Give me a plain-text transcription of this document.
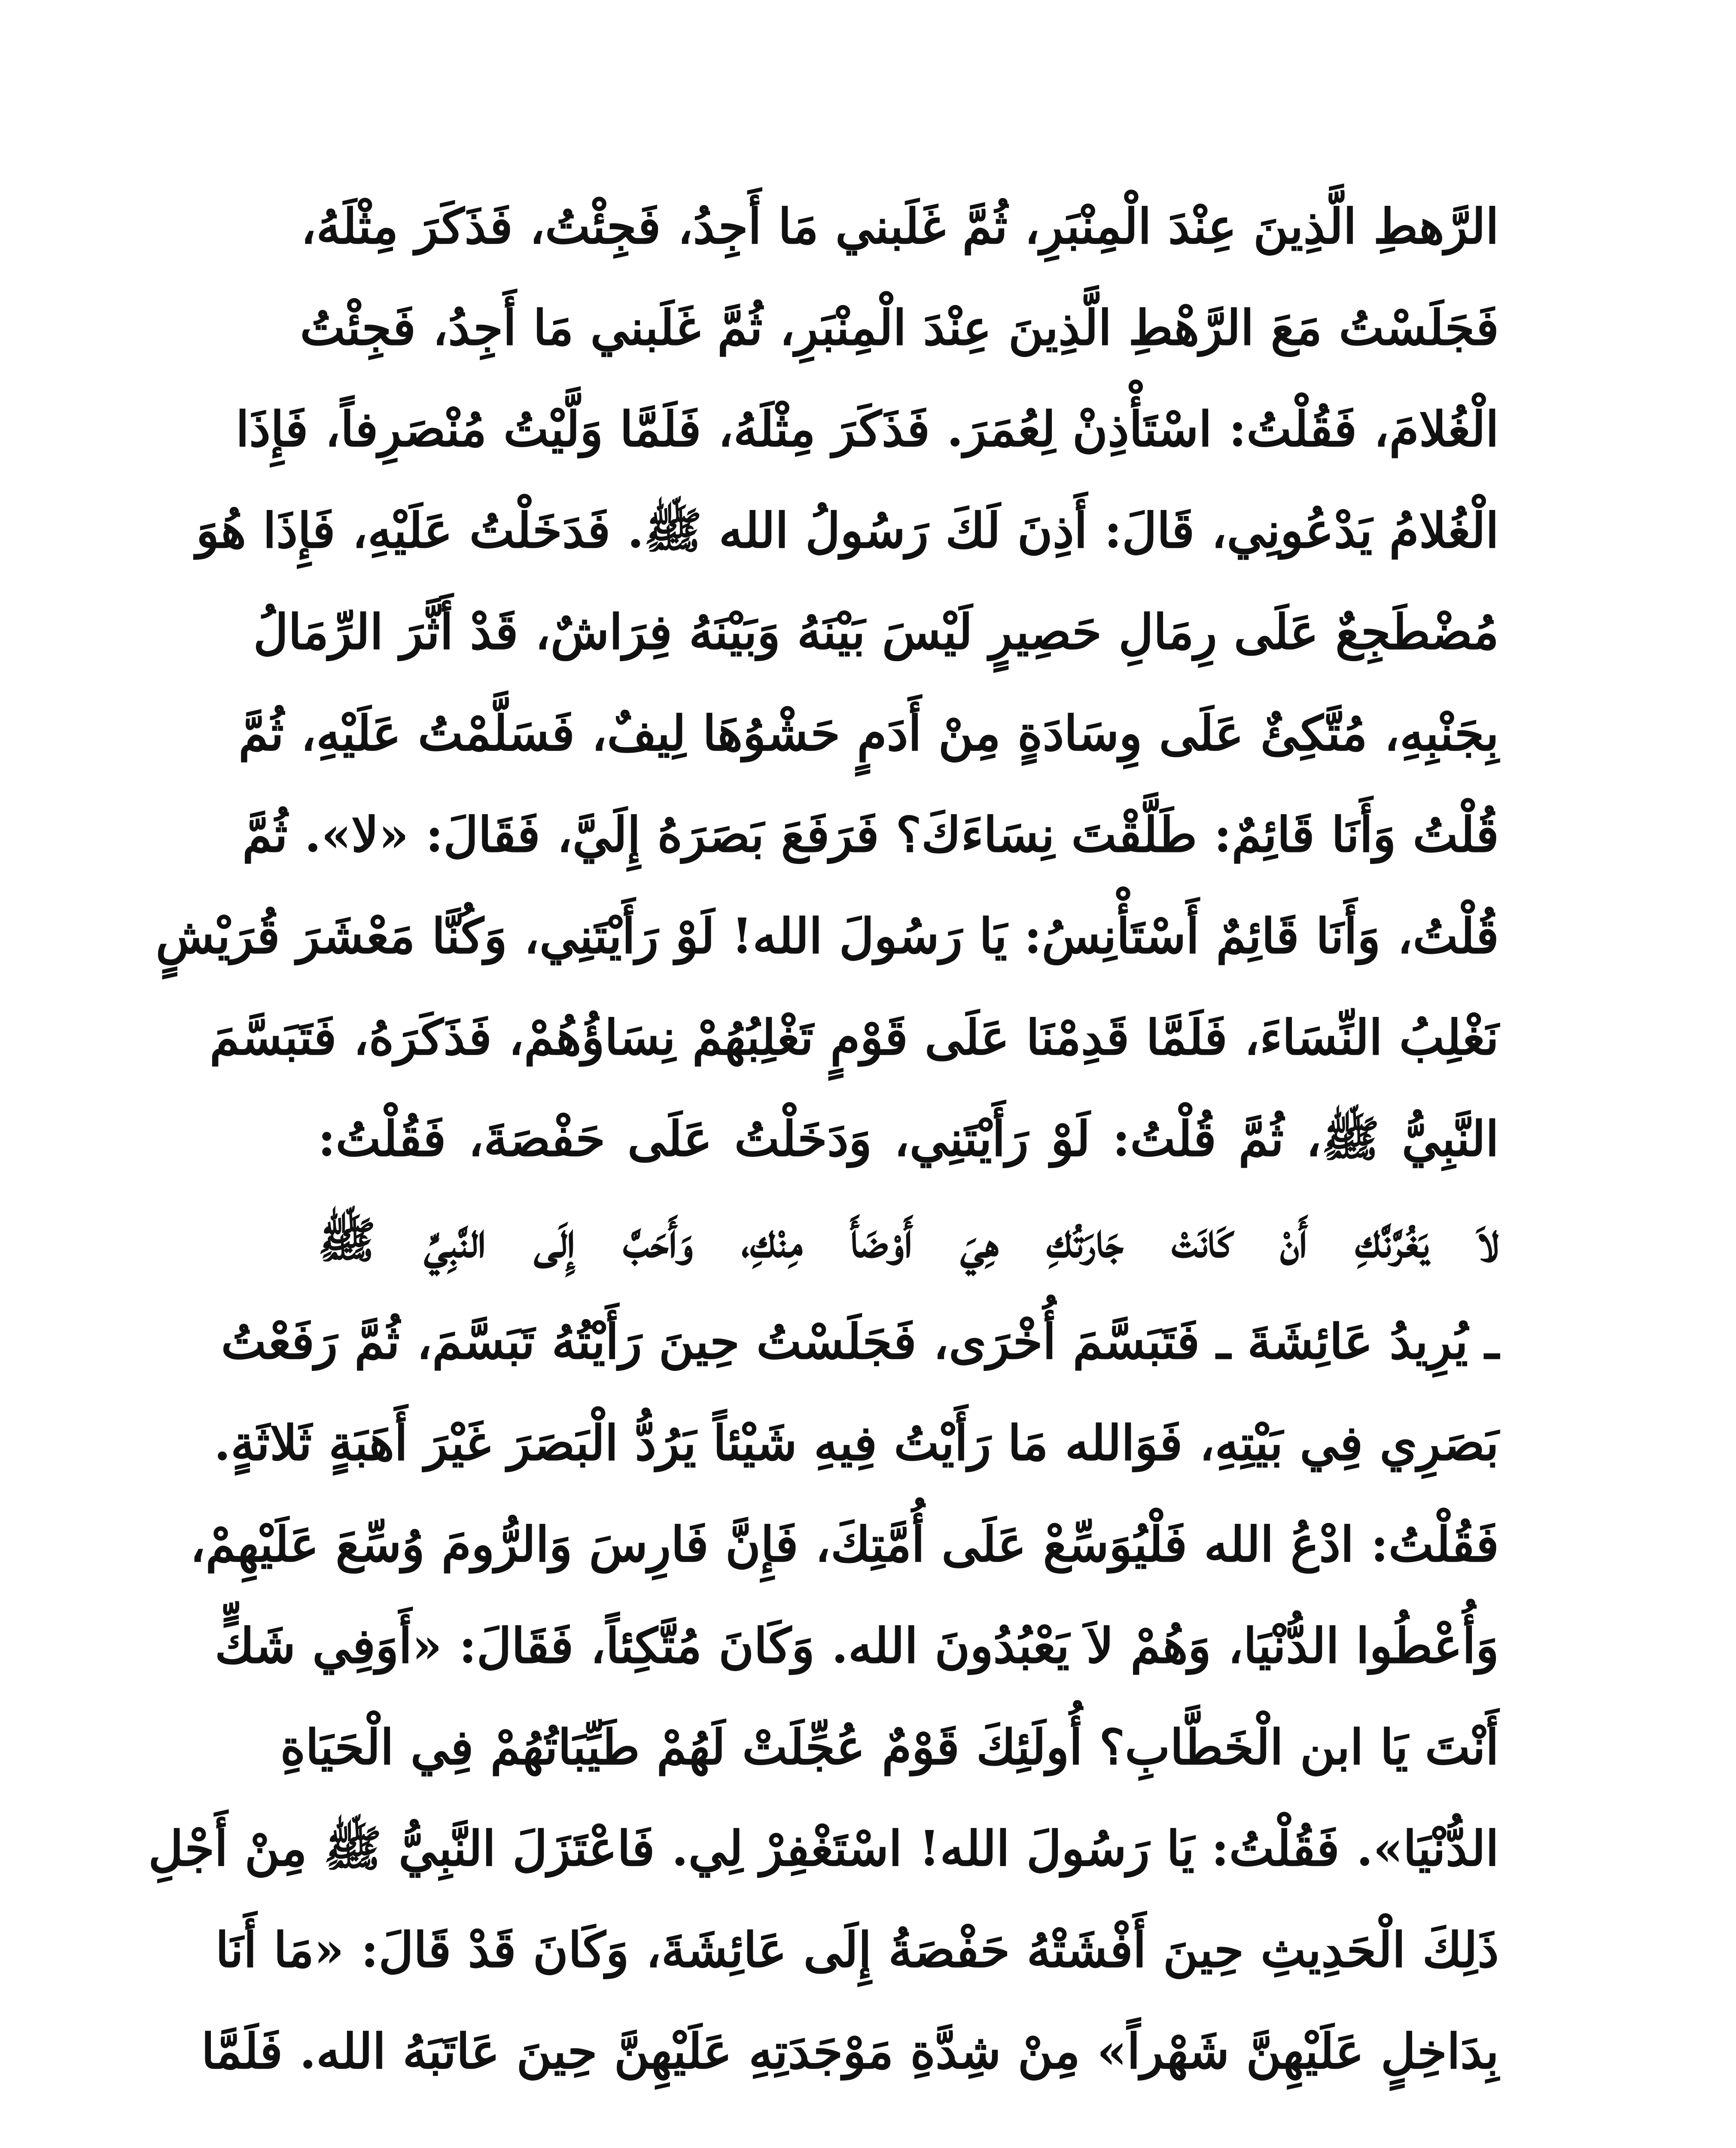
الرَّهطِ الَّذِينَ عِنْدَ الْمِنْبَرِ، ثُمَّ غَلَبني مَا أَجِدُ، فَجِئْتُ، فَذَكَرَ مِثْلَهُ،
فَجَلَسْتُ مَعَ الرَّهْطِ الَّذِينَ عِنْدَ الْمِنْبَرِ، ثُمَّ غَلَبني مَا أَجِدُ، فَجِئْتُ
الْغُلامَ، فَقُلْتُ: اسْتَأْذِنْ لِعُمَرَ. فَذَكَرَ مِثْلَهُ، فَلَمَّا وَلَّيْتُ مُنْصَرِفاً، فَإِذَا
الْغُلامُ يَدْعُونِي، قَالَ: أَذِنَ لَكَ رَسُولُ الله ﷺ. فَدَخَلْتُ عَلَيْهِ، فَإِذَا هُوَ
مُضْطَجِعٌ عَلَى رِمَالِ حَصِيرٍ لَيْسَ بَيْنَهُ وَبَيْنَهُ فِرَاشٌ، قَدْ أَثَّرَ الرِّمَالُ
بِجَنْبِهِ، مُتَّكِئٌ عَلَى وِسَادَةٍ مِنْ أَدَمٍ حَشْوُهَا لِيفٌ، فَسَلَّمْتُ عَلَيْهِ، ثُمَّ
قُلْتُ وَأَنَا قَائِمٌ: طَلَّقْتَ نِسَاءَكَ؟ فَرَفَعَ بَصَرَهُ إِلَيَّ، فَقَالَ: «لا». ثُمَّ
قُلْتُ، وَأَنَا قَائِمٌ أَسْتَأْنِسُ: يَا رَسُولَ الله! لَوْ رَأَيْتَنِي، وَكُنَّا مَعْشَرَ قُرَيْشٍ
نَغْلِبُ النِّسَاءَ، فَلَمَّا قَدِمْنَا عَلَى قَوْمٍ تَغْلِبُهُمْ نِسَاؤُهُمْ، فَذَكَرَهُ، فَتَبَسَّمَ
النَّبِيُّ ﷺ، ثُمَّ قُلْتُ: لَوْ رَأَيْتَنِي، وَدَخَلْتُ عَلَى حَفْصَةَ، فَقُلْتُ:
لاَ يَغُرَّنَّكِ أَنْ كَانَتْ جَارَتُكِ هِيَ أَوْضَأَ مِنْكِ، وَأَحَبَّ إِلَى النَّبِيِّ ﷺ
ـ يُرِيدُ عَائِشَةَ ـ فَتَبَسَّمَ أُخْرَى، فَجَلَسْتُ حِينَ رَأَيْتُهُ تَبَسَّمَ، ثُمَّ رَفَعْتُ
بَصَرِي فِي بَيْتِهِ، فَوَالله مَا رَأَيْتُ فِيهِ شَيْئاً يَرُدُّ الْبَصَرَ غَيْرَ أَهَبَةٍ ثَلاثَةٍ.
فَقُلْتُ: ادْعُ الله فَلْيُوَسِّعْ عَلَى أُمَّتِكَ، فَإِنَّ فَارِسَ وَالرُّومَ وُسِّعَ عَلَيْهِمْ،
وَأُعْطُوا الدُّنْيَا، وَهُمْ لاَ يَعْبُدُونَ الله. وَكَانَ مُتَّكِئاً، فَقَالَ: «أَوَفِي شَكٍّ
أَنْتَ يَا ابن الْخَطَّابِ؟ أُولَئِكَ قَوْمٌ عُجِّلَتْ لَهُمْ طَيِّبَاتُهُمْ فِي الْحَيَاةِ
الدُّنْيَا». فَقُلْتُ: يَا رَسُولَ الله! اسْتَغْفِرْ لِي. فَاعْتَزَلَ النَّبِيُّ ﷺ مِنْ أَجْلِ
ذَلِكَ الْحَدِيثِ حِينَ أَفْشَتْهُ حَفْصَةُ إِلَى عَائِشَةَ، وَكَانَ قَدْ قَالَ: «مَا أَنَا
بِدَاخِلٍ عَلَيْهِنَّ شَهْراً» مِنْ شِدَّةِ مَوْجَدَتِهِ عَلَيْهِنَّ حِينَ عَاتَبَهُ الله. فَلَمَّا
